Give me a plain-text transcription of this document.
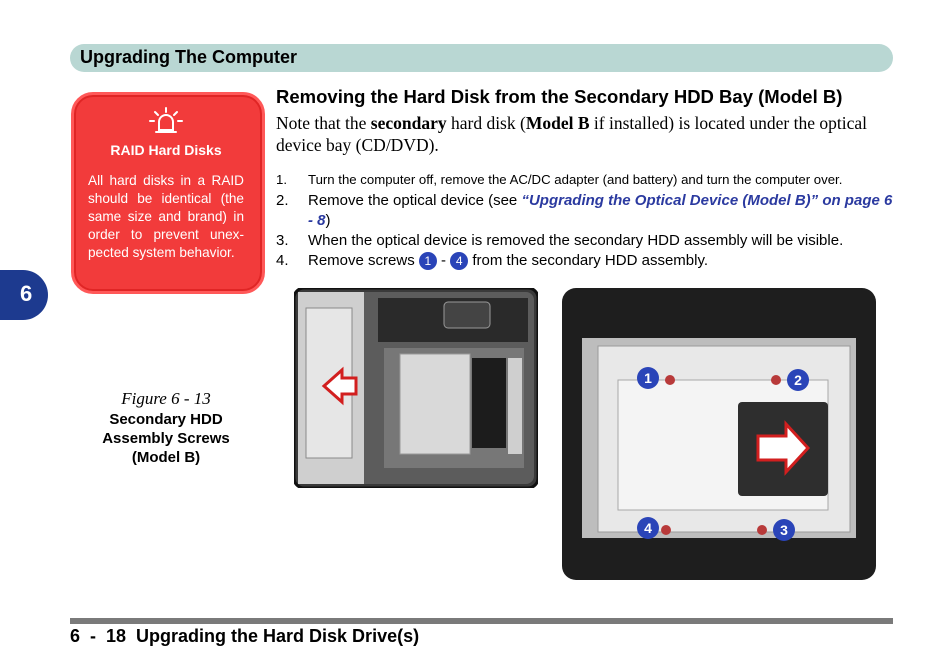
Upgrading The Computer
6
RAID Hard Disks
All hard disks in a RAID should be identical (the same size and brand) in order to prevent unex-pected system behavior.
Figure 6 - 13
Secondary HDD
Assembly Screws
(Model B)
Removing the Hard Disk from the Secondary HDD Bay (Model B)
Note that the secondary hard disk (Model B if installed) is located under the optical device bay (CD/DVD).
1.	Turn the computer off, remove the AC/DC adapter (and battery) and turn the computer over.
2.	Remove the optical device (see “Upgrading the Optical Device (Model B)” on page 6 - 8)
3.	When the optical device is removed the secondary HDD assembly will be visible.
4.	Remove screws 1 - 4 from the secondary HDD assembly.
1	2
3
4
6  -  18  Upgrading the Hard Disk Drive(s)
